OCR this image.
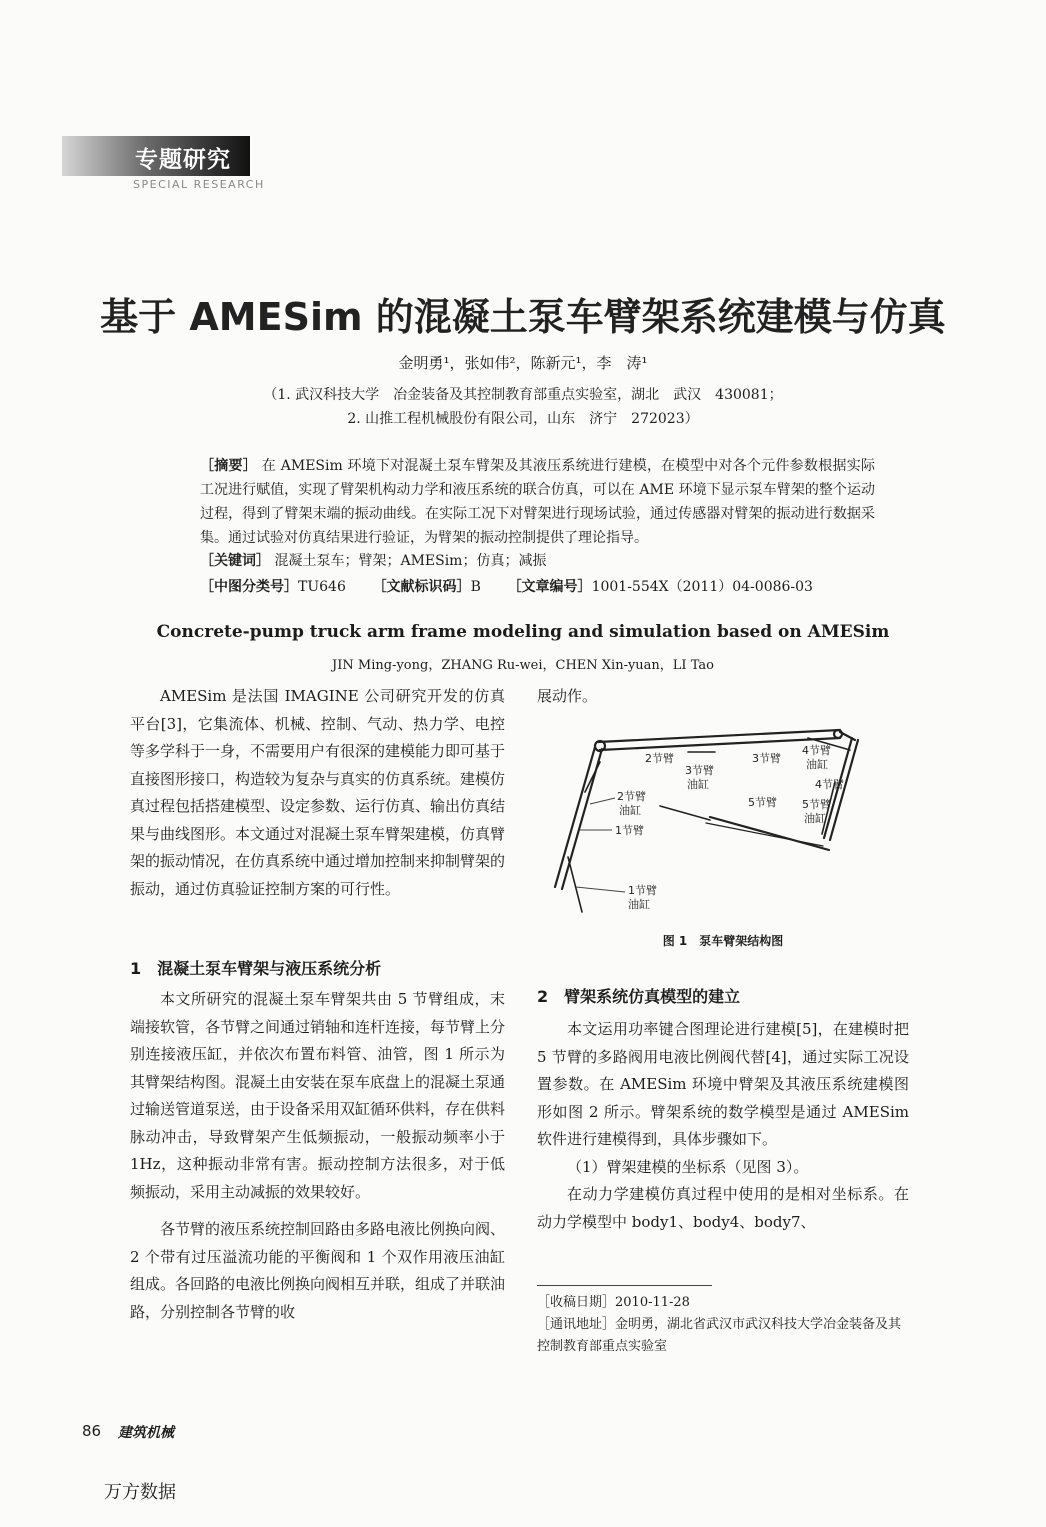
专题研究
SPECIAL RESEARCH
基于 AMESim 的混凝土泵车臂架系统建模与仿真
金明勇¹，张如伟²，陈新元¹，李　涛¹
（1. 武汉科技大学　冶金装备及其控制教育部重点实验室，湖北　武汉　430081；
2. 山推工程机械股份有限公司，山东　济宁　272023）
［摘要］ 在 AMESim 环境下对混凝土泵车臂架及其液压系统进行建模，在模型中对各个元件参数根据实际工况进行赋值，实现了臂架机构动力学和液压系统的联合仿真，可以在 AME 环境下显示泵车臂架的整个运动过程，得到了臂架末端的振动曲线。在实际工况下对臂架进行现场试验，通过传感器对臂架的振动进行数据采集。通过试验对仿真结果进行验证，为臂架的振动控制提供了理论指导。
［关键词］ 混凝土泵车；臂架；AMESim；仿真；减振
［中图分类号］TU646 ［文献标识码］B ［文章编号］1001-554X（2011）04-0086-03
Concrete-pump truck arm frame modeling and simulation based on AMESim
JIN Ming-yong，ZHANG Ru-wei，CHEN Xin-yuan，LI Tao

AMESim 是法国 IMAGINE 公司研究开发的仿真平台[3]，它集流体、机械、控制、气动、热力学、电控等多学科于一身，不需要用户有很深的建模能力即可基于直接图形接口，构造较为复杂与真实的仿真系统。建模仿真过程包括搭建模型、设定参数、运行仿真、输出仿真结果与曲线图形。本文通过对混凝土泵车臂架建模，仿真臂架的振动情况，在仿真系统中通过增加控制来抑制臂架的振动，通过仿真验证控制方案的可行性。

1　混凝土泵车臂架与液压系统分析

本文所研究的混凝土泵车臂架共由 5 节臂组成，末端接软管，各节臂之间通过销轴和连杆连接，每节臂上分别连接液压缸，并依次布置布料管、油管，图 1 所示为其臂架结构图。混凝土由安装在泵车底盘上的混凝土泵通过输送管道泵送，由于设备采用双缸循环供料，存在供料脉动冲击，导致臂架产生低频振动，一般振动频率小于 1Hz，这种振动非常有害。振动控制方法很多，对于低频振动，采用主动减振的效果较好。

各节臂的液压系统控制回路由多路电液比例换向阀、2 个带有过压溢流功能的平衡阀和 1 个双作用液压油缸组成。各回路的电液比例换向阀相互并联，组成了并联油路，分别控制各节臂的收

展动作。
2节臂
3节臂
油缸
3节臂
4节臂
油缸
4节臂
2节臂
油缸
5节臂 5节臂
油缸
1节臂
1节臂
油缸
图 1　泵车臂架结构图
2　臂架系统仿真模型的建立

本文运用功率键合图理论进行建模[5]，在建模时把 5 节臂的多路阀用电液比例阀代替[4]，通过实际工况设置参数。在 AMESim 环境中臂架及其液压系统建模图形如图 2 所示。臂架系统的数学模型是通过 AMESim 软件进行建模得到，具体步骤如下。

（1）臂架建模的坐标系（见图 3）。

在动力学建模仿真过程中使用的是相对坐标系。在动力学模型中 body1、body4、body7、

［收稿日期］2010-11-28
［通讯地址］金明勇，湖北省武汉市武汉科技大学冶金装备及其控制教育部重点实验室
86 建筑机械
万方数据
